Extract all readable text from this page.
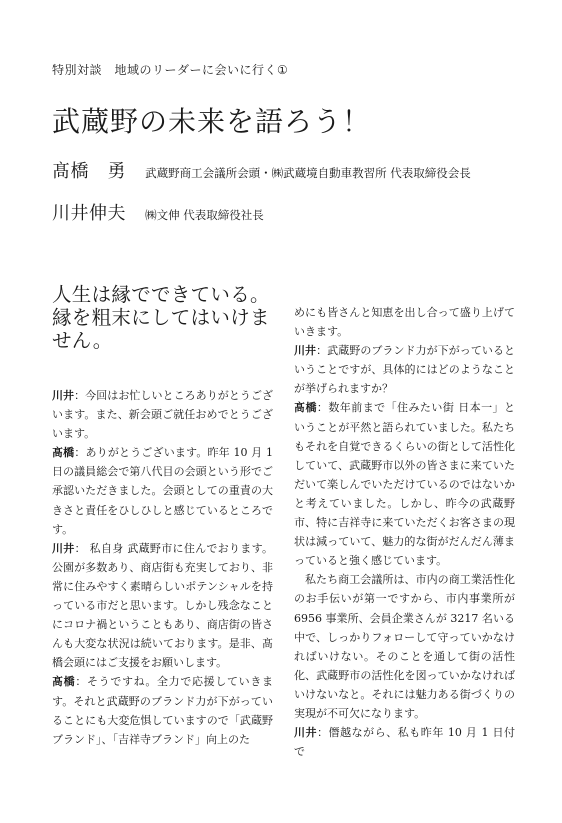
特別対談　地域のリーダーに会いに行く①
武蔵野の未来を語ろう！
髙橋　勇 武蔵野商工会議所会頭・㈱武蔵境自動車教習所 代表取締役会長
川井伸夫 ㈱文伸 代表取締役社長
人生は縁でできている。縁を粗末にしてはいけません。

川井：今回はお忙しいところありがとうございます。また、新会頭ご就任おめでとうございます。

髙橋：ありがとうございます。昨年 10 月 1 日の議員総会で第八代目の会頭という形でご承認いただきました。会頭としての重責の大きさと責任をひしひしと感じているところです。

川井： 私自身 武蔵野市に住んでおります。公園が多数あり、商店街も充実しており、非常に住みやすく素晴らしいポテンシャルを持っている市だと思います。しかし残念なことにコロナ禍ということもあり、商店街の皆さんも大変な状況は続いております。是非、髙橋会頭にはご支援をお願いします。

髙橋：そうですね。全力で応援していきます。それと武蔵野のブランド力が下がっていることにも大変危惧していますので「武蔵野ブランド」、「吉祥寺ブランド」向上のた

めにも皆さんと知恵を出し合って盛り上げていきます。

川井：武蔵野のブランド力が下がっているということですが、具体的にはどのようなことが挙げられますか？

髙橋：数年前まで「住みたい街 日本一」ということが平然と語られていました。私たちもそれを自覚できるくらいの街として活性化していて、武蔵野市以外の皆さまに来ていただいて楽しんでいただけているのではないかと考えていました。しかし、昨今の武蔵野市、特に吉祥寺に来ていただくお客さまの現状は減っていて、魅力的な街がだんだん薄まっていると強く感じています。

私たち商工会議所は、市内の商工業活性化のお手伝いが第一ですから、市内事業所が 6956 事業所、会員企業さんが 3217 名いる中で、しっかりフォローして守っていかなければいけない。そのことを通して街の活性化、武蔵野市の活性化を図っていかなければいけないなと。それには魅力ある街づくりの実現が不可欠になります。

川井：僭越ながら、私も昨年 10 月 1 日付で
